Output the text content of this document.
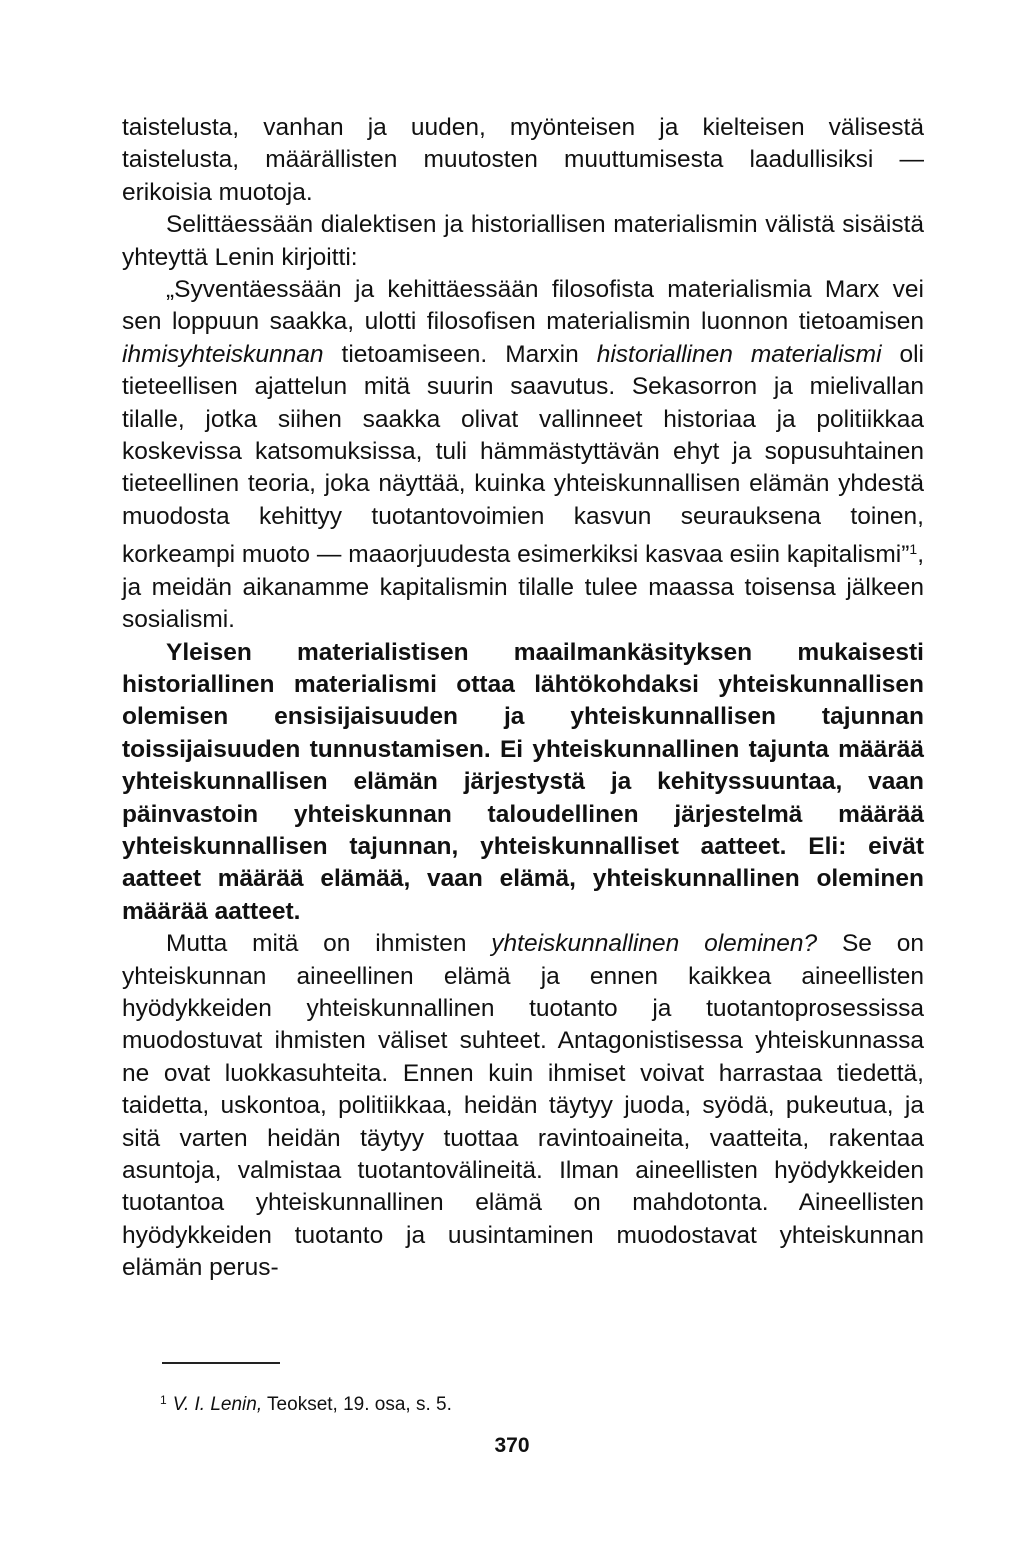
taistelusta, vanhan ja uuden, myönteisen ja kielteisen välisestä taistelusta, määrällisten muutosten muuttumisesta laadullisiksi — erikoisia muotoja.

Selittäessään dialektisen ja historiallisen materialismin välistä sisäistä yhteyttä Lenin kirjoitti:

„Syventäessään ja kehittäessään filosofista materialismia Marx vei sen loppuun saakka, ulotti filosofisen materialismin luonnon tietoamisen ihmisyhteiskunnan tietoamiseen. Marxin historiallinen materialismi oli tieteellisen ajattelun mitä suurin saavutus. Sekasorron ja mielivallan tilalle, jotka siihen saakka olivat vallinneet historiaa ja politiikkaa koskevissa katsomuksissa, tuli hämmästyttävän ehyt ja sopusuhtainen tieteellinen teoria, joka näyttää, kuinka yhteiskunnallisen elämän yhdestä muodosta kehittyy tuotantovoimien kasvun seurauksena toinen, korkeampi muoto — maaorjuudesta esimerkiksi kasvaa esiin kapitalismi”$^1$, ja meidän aikanamme kapitalismin tilalle tulee maassa toisensa jälkeen sosialismi.

Yleisen materialistisen maailmankäsityksen mukaisesti historiallinen materialismi ottaa lähtökohdaksi yhteiskunnallisen olemisen ensisijaisuuden ja yhteiskunnallisen tajunnan toissijaisuuden tunnustamisen. Ei yhteiskunnallinen tajunta määrää yhteiskunnallisen elämän järjestystä ja kehityssuuntaa, vaan päinvastoin yhteiskunnan taloudellinen järjestelmä määrää yhteiskunnallisen tajunnan, yhteiskunnalliset aatteet. Eli: eivät aatteet määrää elämää, vaan elämä, yhteiskunnallinen oleminen määrää aatteet.

Mutta mitä on ihmisten yhteiskunnallinen oleminen? Se on yhteiskunnan aineellinen elämä ja ennen kaikkea aineellisten hyödykkeiden yhteiskunnallinen tuotanto ja tuotantoprosessissa muodostuvat ihmisten väliset suhteet. Antagonistisessa yhteiskunnassa ne ovat luokkasuhteita. Ennen kuin ihmiset voivat harrastaa tiedettä, taidetta, uskontoa, politiikkaa, heidän täytyy juoda, syödä, pukeutua, ja sitä varten heidän täytyy tuottaa ravintoaineita, vaatteita, rakentaa asuntoja, valmistaa tuotantovälineitä. Ilman aineellisten hyödykkeiden tuotantoa yhteiskunnallinen elämä on mahdotonta. Aineellisten hyödykkeiden tuotanto ja uusintaminen muodostavat yhteiskunnan elämän perus-

$^1$ V. I. Lenin, Teokset, 19. osa, s. 5.
370
